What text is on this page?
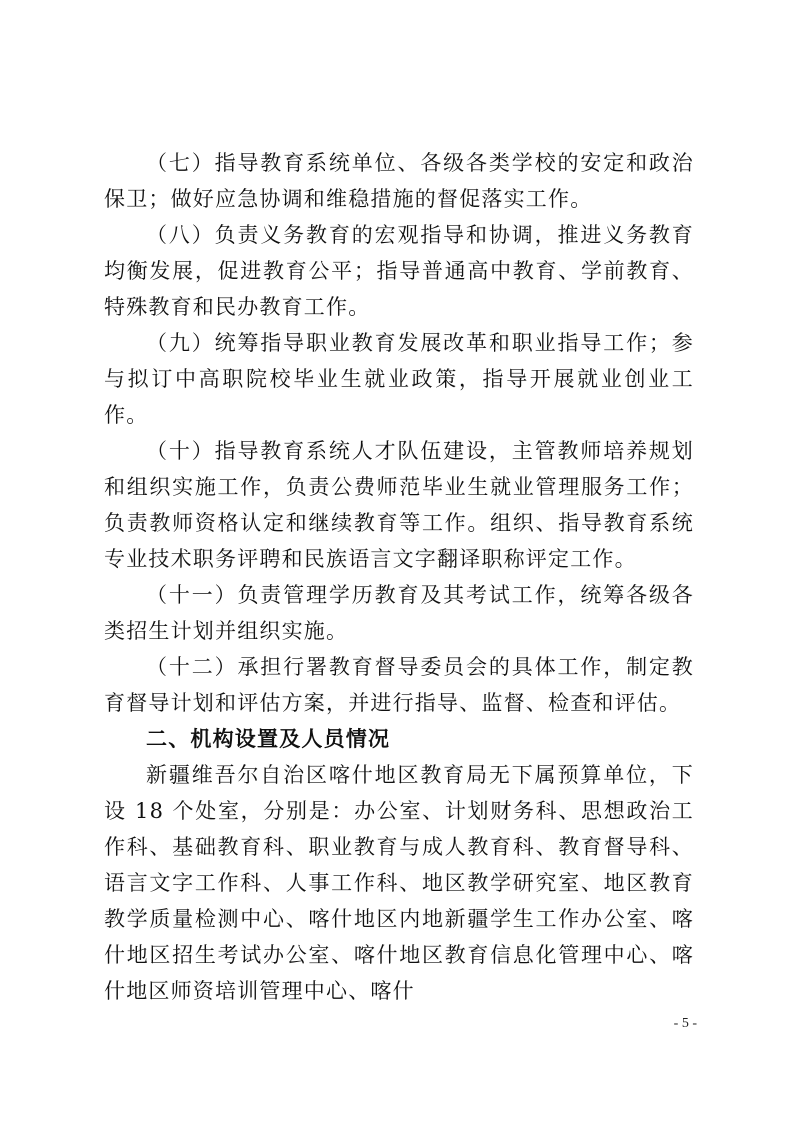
（七）指导教育系统单位、各级各类学校的安定和政治保卫；做好应急协调和维稳措施的督促落实工作。

（八）负责义务教育的宏观指导和协调，推进义务教育均衡发展，促进教育公平；指导普通高中教育、学前教育、特殊教育和民办教育工作。

（九）统筹指导职业教育发展改革和职业指导工作；参与拟订中高职院校毕业生就业政策，指导开展就业创业工作。

（十）指导教育系统人才队伍建设，主管教师培养规划和组织实施工作，负责公费师范毕业生就业管理服务工作；负责教师资格认定和继续教育等工作。组织、指导教育系统专业技术职务评聘和民族语言文字翻译职称评定工作。

（十一）负责管理学历教育及其考试工作，统筹各级各类招生计划并组织实施。

（十二）承担行署教育督导委员会的具体工作，制定教育督导计划和评估方案，并进行指导、监督、检查和评估。

二、机构设置及人员情况

新疆维吾尔自治区喀什地区教育局无下属预算单位，下设 18 个处室，分别是：办公室、计划财务科、思想政治工作科、基础教育科、职业教育与成人教育科、教育督导科、语言文字工作科、人事工作科、地区教学研究室、地区教育教学质量检测中心、喀什地区内地新疆学生工作办公室、喀什地区招生考试办公室、喀什地区教育信息化管理中心、喀什地区师资培训管理中心、喀什

- 5 -
